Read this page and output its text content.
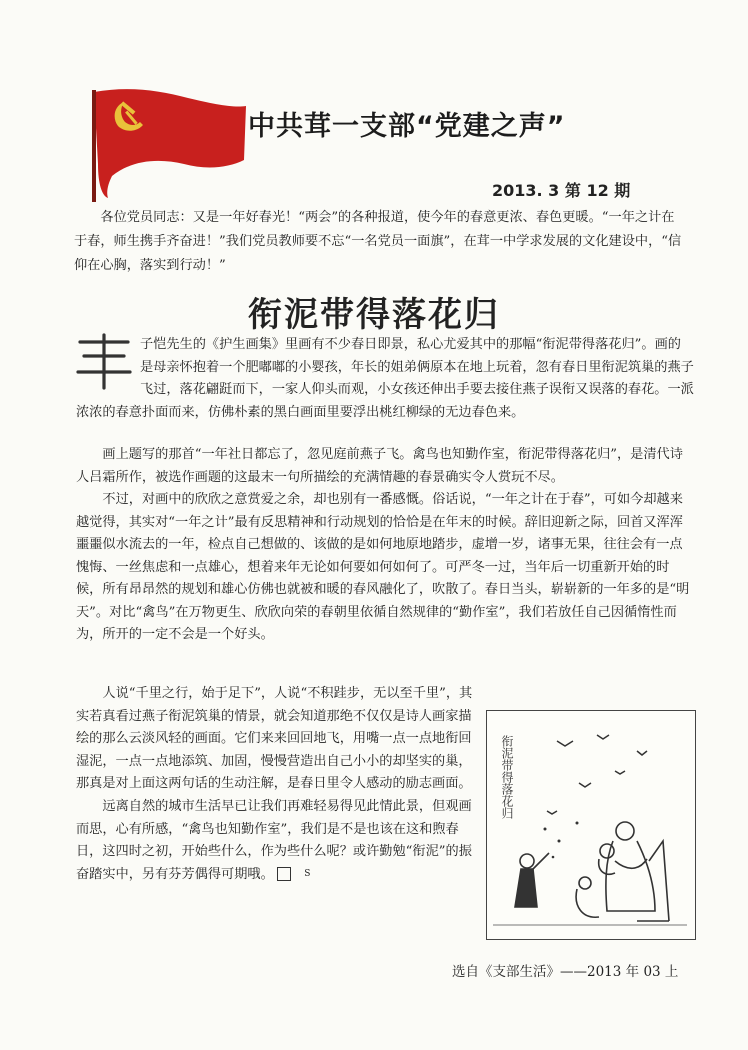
中共茸一支部“党建之声”
2013. 3 第 12 期

各位党员同志：又是一年好春光！“两会”的各种报道，使今年的春意更浓、春色更暖。“一年之计在于春，师生携手齐奋进！”我们党员教师要不忘“一名党员一面旗”，在茸一中学求发展的文化建设中，“信仰在心胸，落实到行动！”

衔泥带得落花归

子恺先生的《护生画集》里画有不少春日即景，私心尤爱其中的那幅“衔泥带得落花归”。画的是母亲怀抱着一个肥嘟嘟的小婴孩，年长的姐弟俩原本在地上玩着，忽有春日里衔泥筑巢的燕子飞过，落花翩跹而下，一家人仰头而观，小女孩还伸出手要去接住燕子误衔又误落的春花。一派浓浓的春意扑面而来，仿佛朴素的黑白画面里要浮出桃红柳绿的无边春色来。

画上题写的那首“一年社日都忘了，忽见庭前燕子飞。禽鸟也知勤作室，衔泥带得落花归”，是清代诗人吕霜所作，被选作画题的这最末一句所描绘的充满情趣的春景确实令人赏玩不尽。

不过，对画中的欣欣之意赏爱之余，却也别有一番感慨。俗话说，“一年之计在于春”，可如今却越来越觉得，其实对“一年之计”最有反思精神和行动规划的恰恰是在年末的时候。辞旧迎新之际，回首又浑浑噩噩似水流去的一年，检点自己想做的、该做的是如何地原地踏步，虚增一岁，诸事无果，往往会有一点愧悔、一丝焦虑和一点雄心，想着来年无论如何要如何如何了。可严冬一过，当年后一切重新开始的时候，所有昂昂然的规划和雄心仿佛也就被和暖的春风融化了，吹散了。春日当头，崭崭新的一年多的是“明天”。对比“禽鸟”在万物更生、欣欣向荣的春朝里依循自然规律的“勤作室”，我们若放任自己因循惰性而为，所开的一定不会是一个好头。

人说“千里之行，始于足下”，人说“不积跬步，无以至千里”，其实若真看过燕子衔泥筑巢的情景，就会知道那绝不仅仅是诗人画家描绘的那么云淡风轻的画面。它们来来回回地飞，用嘴一点一点地衔回湿泥，一点一点地添筑、加固，慢慢营造出自己小小的却坚实的巢，那真是对上面这两句话的生动注解，是春日里令人感动的励志画面。

远离自然的城市生活早已让我们再难轻易得见此情此景，但观画而思，心有所感，“禽鸟也知勤作室”，我们是不是也该在这和煦春日，这四时之初，开始些什么，作为些什么呢？或许勤勉“衔泥”的振奋踏实中，另有芬芳偶得可期哦。	S

衔泥带得落花归
选自《支部生活》——2013 年 03 上
